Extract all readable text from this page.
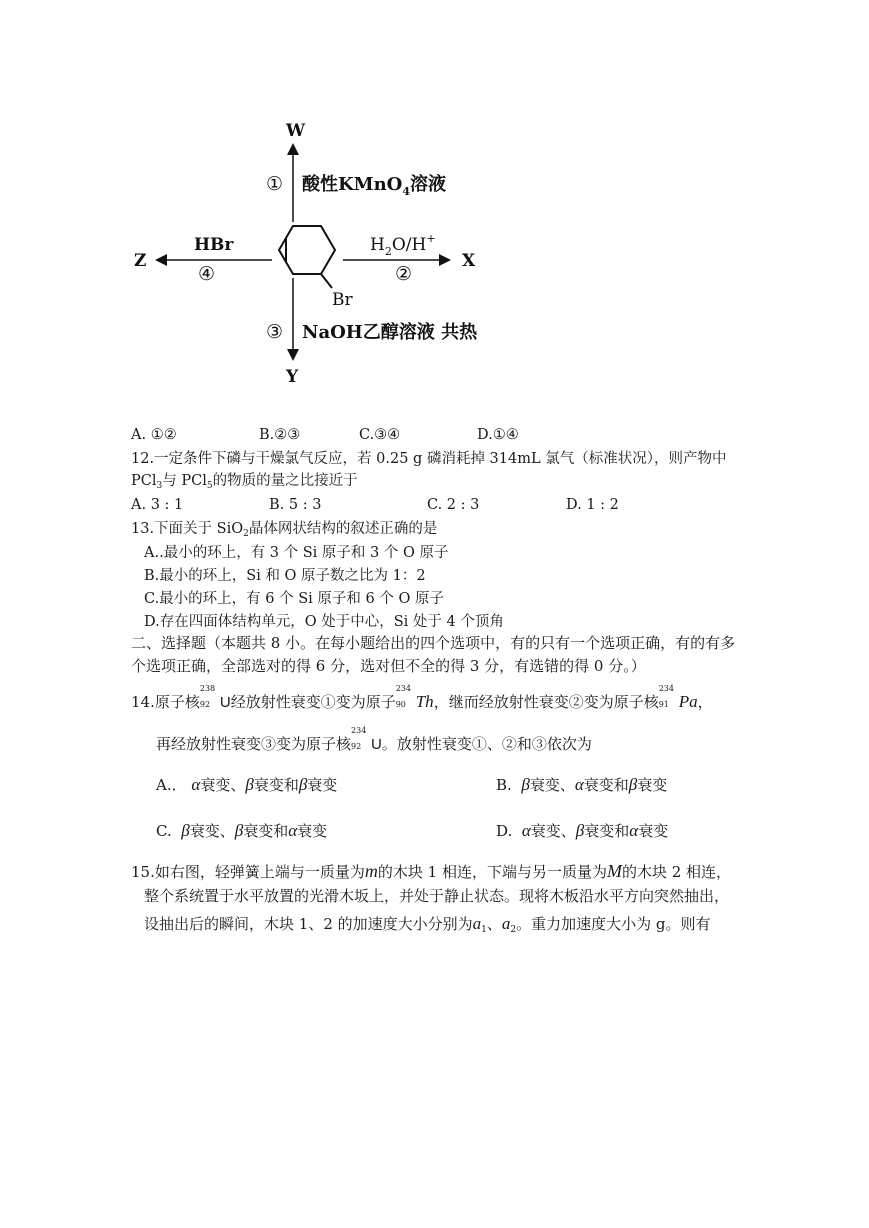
Br
W
① 酸性KMnO$_4$溶液
X
$H_2O/H^+$
②
Y
③ NaOH乙醇溶液 共热
Z
HBr
④
A. ①②	B.②③	C.③④	D.①④
12.一定条件下磷与干燥氯气反应，若 0.25 g 磷消耗掉 314mL 氯气（标准状况），则产物中
PCl$_3$与 PCl$_5$的物质的量之比接近于
A. 3 : 1	B. 5 : 3	C. 2 : 3	D. 1 : 2
13.下面关于 SiO$_2$晶体网状结构的叙述正确的是
A..最小的环上，有 3 个 Si 原子和 3 个 O 原子
B.最小的环上，Si 和 O 原子数之比为 1：2
C.最小的环上，有 6 个 Si 原子和 6 个 O 原子
D.存在四面体结构单元，O 处于中心，Si 处于 4 个顶角
二、选择题（本题共 8 小。在每小题给出的四个选项中，有的只有一个选项正确，有的有多
个选项正确，全部选对的得 6 分，选对但不全的得 3 分，有选错的得 0 分。）
14.原子核
238
92 U经放射性衰变①变为原子
234
90 Th，继而经放射性衰变②变为原子核
234
91 Pa，
再经放射性衰变③变为原子核
234
92 U。放射性衰变①、②和③依次为
A.． α衰变、β衰变和β衰变	B. β衰变、α衰变和β衰变
C. β衰变、β衰变和α衰变	D. α衰变、β衰变和α衰变
15.如右图，轻弹簧上端与一质量为m的木块 1 相连，下端与另一质量为M的木块 2 相连，
整个系统置于水平放置的光滑木坂上，并处于静止状态。现将木板沿水平方向突然抽出，
设抽出后的瞬间，木块 1、2 的加速度大小分别为$a_1$、$a_2$。重力加速度大小为 g。则有
